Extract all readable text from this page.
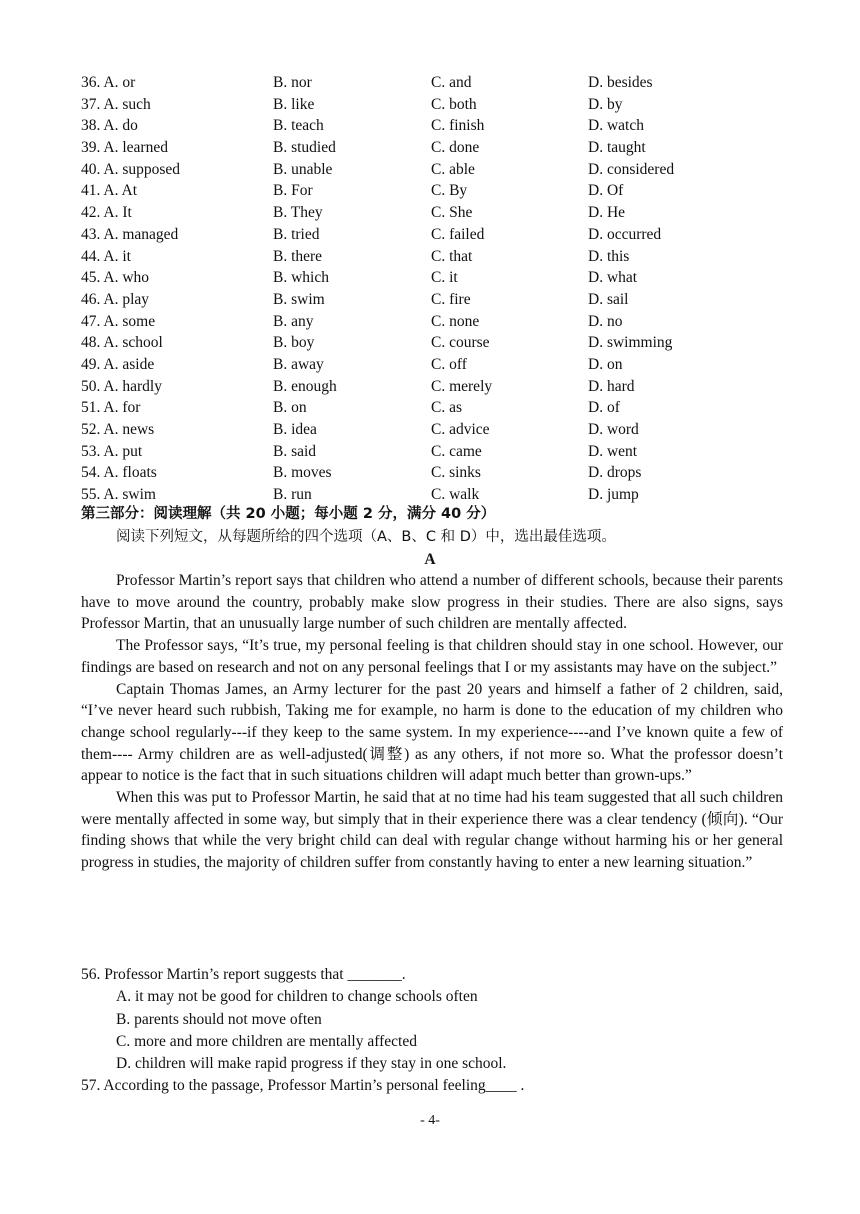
36. A. or	B. nor	C. and	D. besides
37. A. such	B. like	C. both	D. by
38. A. do	B. teach	C. finish	D. watch
39. A. learned	B. studied	C. done	D. taught
40. A. supposed	B. unable	C. able	D. considered
41. A. At	B. For	C. By	D. Of
42. A. It	B. They	C. She	D. He
43. A. managed	B. tried	C. failed	D. occurred
44. A. it	B. there	C. that	D. this
45. A. who	B. which	C. it	D. what
46. A. play	B. swim	C. fire	D. sail
47. A. some	B. any	C. none	D. no
48. A. school	B. boy	C. course	D. swimming
49. A. aside	B. away	C. off	D. on
50. A. hardly	B. enough	C. merely	D. hard
51. A. for	B. on	C. as	D. of
52. A. news	B. idea	C. advice	D. word
53. A. put	B. said	C. came	D. went
54. A. floats	B. moves	C. sinks	D. drops
55. A. swim	B. run	C. walk	D. jump
第三部分：阅读理解（共 20 小题；每小题 2 分，满分 40 分）
阅读下列短文，从每题所给的四个选项（A、B、C 和 D）中，选出最佳选项。
A

Professor Martin’s report says that children who attend a number of different schools, because their parents have to move around the country, probably make slow progress in their studies. There are also signs, says Professor Martin, that an unusually large number of such children are mentally affected.

The Professor says, “It’s true, my personal feeling is that children should stay in one school. However, our findings are based on research and not on any personal feelings that I or my assistants may have on the subject.”

Captain Thomas James, an Army lecturer for the past 20 years and himself a father of 2 children, said, “I’ve never heard such rubbish, Taking me for example, no harm is done to the education of my children who change school regularly---if they keep to the same system. In my experience----and I’ve known quite a few of them---- Army children are as well-adjusted(调整) as any others, if not more so. What the professor doesn’t appear to notice is the fact that in such situations children will adapt much better than grown-ups.”

When this was put to Professor Martin, he said that at no time had his team suggested that all such children were mentally affected in some way, but simply that in their experience there was a clear tendency (倾向). “Our finding shows that while the very bright child can deal with regular change without harming his or her general progress in studies, the majority of children suffer from constantly having to enter a new learning situation.”

56. Professor Martin’s report suggests that _______.

A. it may not be good for children to change schools often

B. parents should not move often

C. more and more children are mentally affected

D. children will make rapid progress if they stay in one school.

57. According to the passage, Professor Martin’s personal feeling____ .

- 4-
